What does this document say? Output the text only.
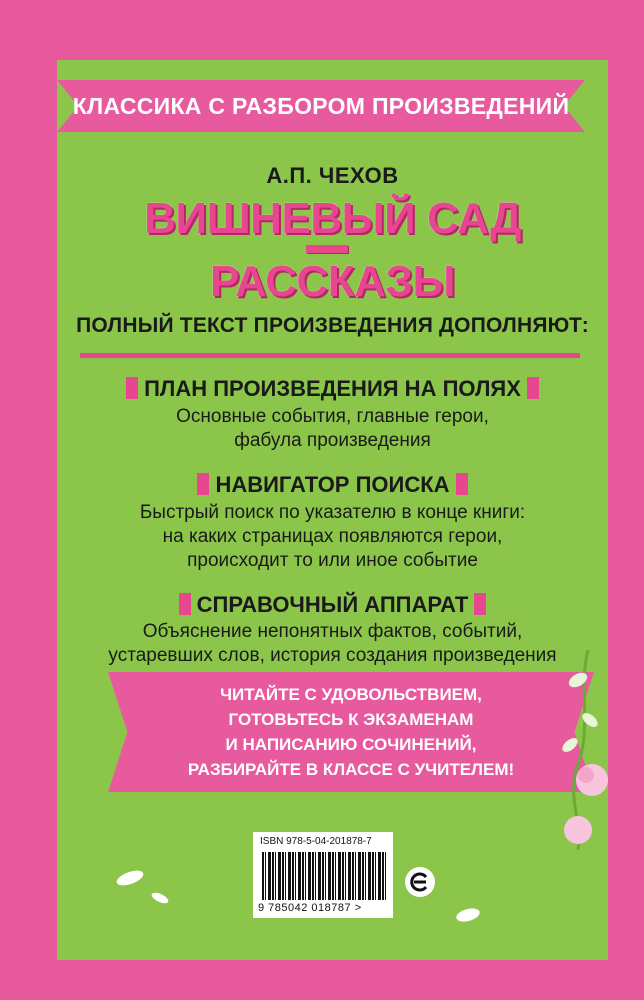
КЛАССИКА С РАЗБОРОМ ПРОИЗВЕДЕНИЙ
А.П. ЧЕХОВ
ВИШНЕВЫЙ САД
РАССКАЗЫ
ПОЛНЫЙ ТЕКСТ ПРОИЗВЕДЕНИЯ ДОПОЛНЯЮТ:
ПЛАН ПРОИЗВЕДЕНИЯ НА ПОЛЯХ
Основные события, главные герои,
фабула произведения
НАВИГАТОР ПОИСКА
Быстрый поиск по указателю в конце книги:
на каких страницах появляются герои,
происходит то или иное событие
СПРАВОЧНЫЙ АППАРАТ
Объяснение непонятных фактов, событий,
устаревших слов, история создания произведения
ЧИТАЙТЕ С УДОВОЛЬСТВИЕМ,
ГОТОВЬТЕСЬ К ЭКЗАМЕНАМ
И НАПИСАНИЮ СОЧИНЕНИЙ,
РАЗБИРАЙТЕ В КЛАССЕ С УЧИТЕЛЕМ!
ISBN 978-5-04-201878-7
9 785042 018787 >
